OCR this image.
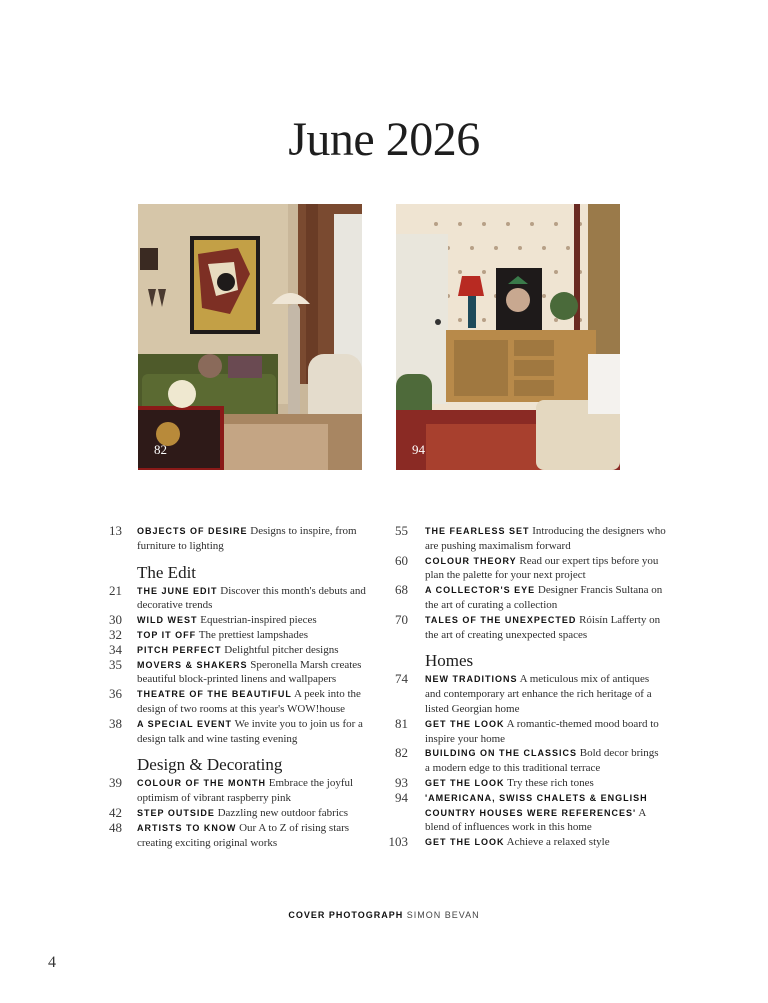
June 2026
82	94
13 OBJECTS OF DESIRE Designs to inspire, from furniture to lighting
The Edit
21 THE JUNE EDIT Discover this month's debuts and decorative trends
30 WILD WEST Equestrian-inspired pieces
32 TOP IT OFF The prettiest lampshades
34 PITCH PERFECT Delightful pitcher designs
35 MOVERS & SHAKERS Speronella Marsh creates beautiful block-printed linens and wallpapers
36 THEATRE OF THE BEAUTIFUL A peek into the design of two rooms at this year's WOW!house
38 A SPECIAL EVENT We invite you to join us for a design talk and wine tasting evening
Design & Decorating
39 COLOUR OF THE MONTH Embrace the joyful optimism of vibrant raspberry pink
42 STEP OUTSIDE Dazzling new outdoor fabrics
48 ARTISTS TO KNOW Our A to Z of rising stars creating exciting original works
55 THE FEARLESS SET Introducing the designers who are pushing maximalism forward
60 COLOUR THEORY Read our expert tips before you plan the palette for your next project
68 A COLLECTOR'S EYE Designer Francis Sultana on the art of curating a collection
70 TALES OF THE UNEXPECTED Róisín Lafferty on the art of creating unexpected spaces
Homes
74 NEW TRADITIONS A meticulous mix of antiques and contemporary art enhance the rich heritage of a listed Georgian home
81 GET THE LOOK A romantic-themed mood board to inspire your home
82 BUILDING ON THE CLASSICS Bold decor brings a modern edge to this traditional terrace
93 GET THE LOOK Try these rich tones
94 'AMERICANA, SWISS CHALETS & ENGLISH COUNTRY HOUSES WERE REFERENCES' A blend of influences work in this home
103 GET THE LOOK Achieve a relaxed style
COVER PHOTOGRAPH SIMON BEVAN
4
